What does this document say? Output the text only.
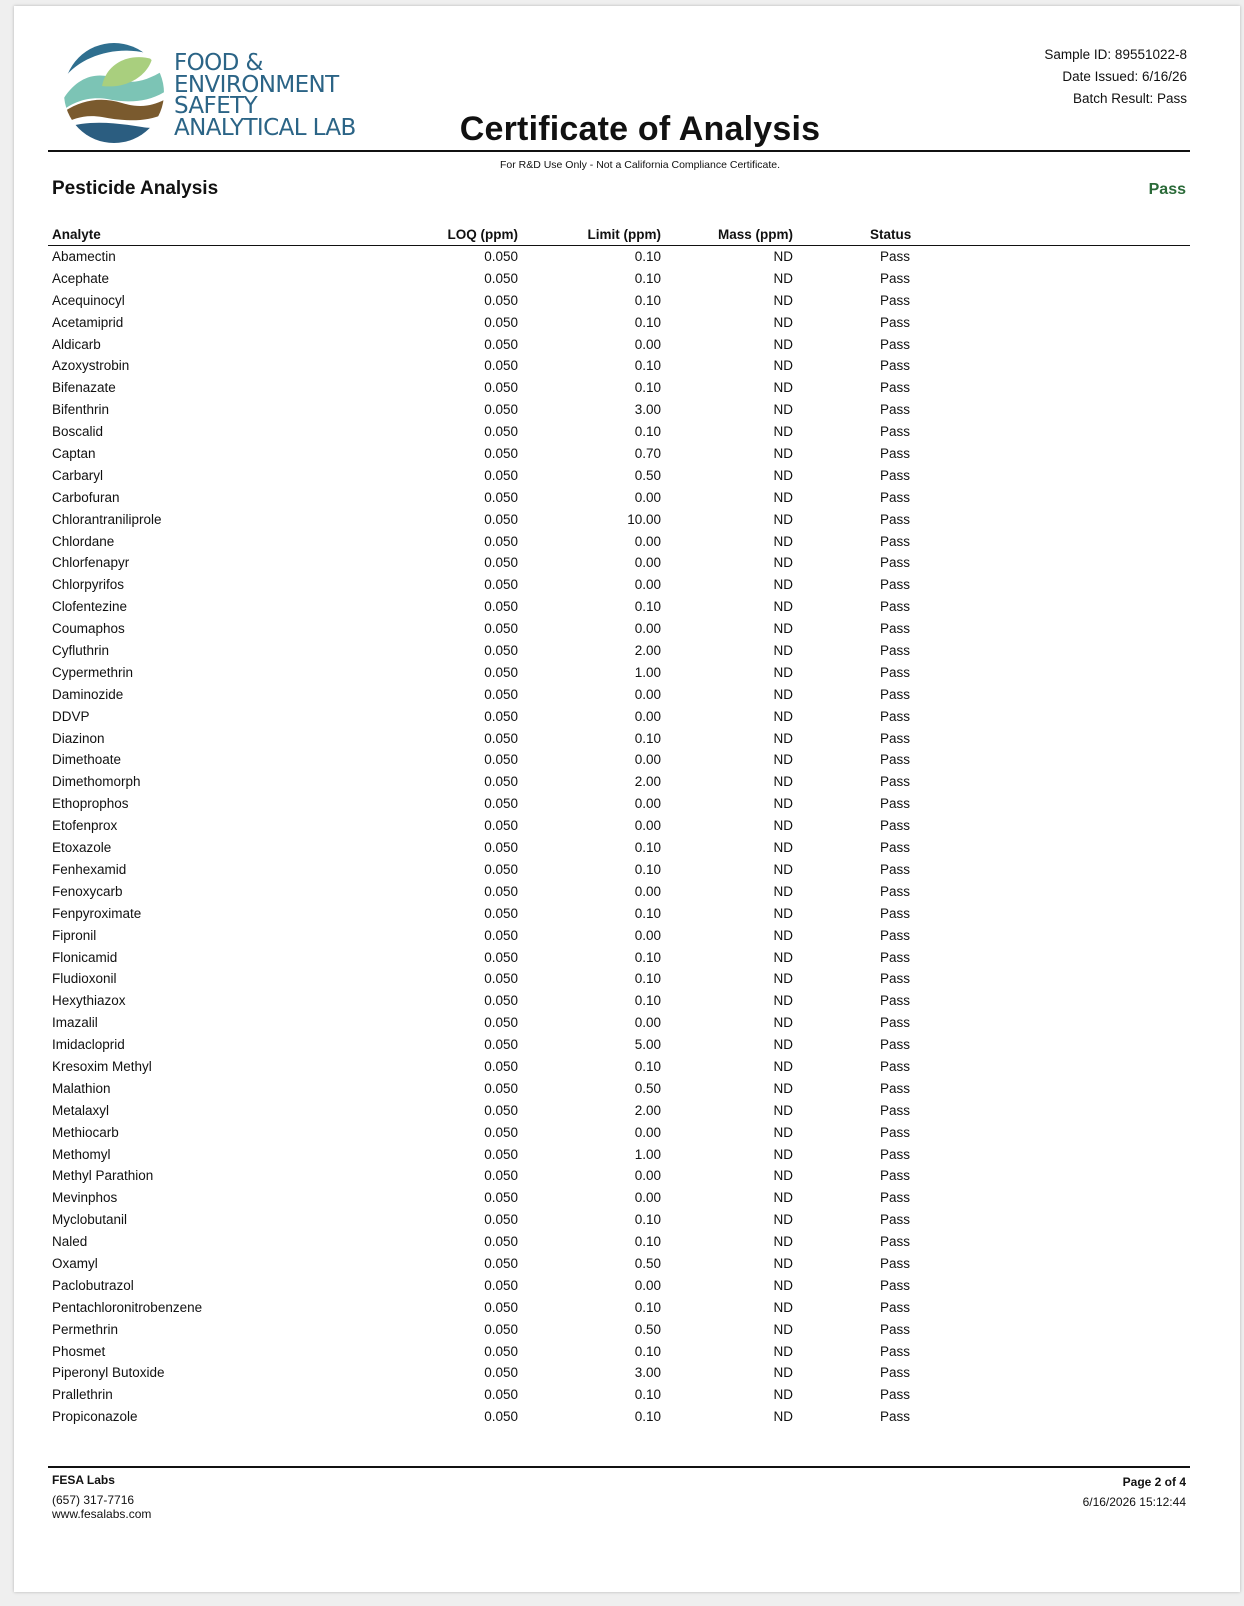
FOOD &
ENVIRONMENT
SAFETY
ANALYTICAL LAB
Sample ID: 89551022-8
Date Issued: 6/16/26
Batch Result: Pass
Certificate of Analysis
For R&D Use Only - Not a California Compliance Certificate.
Pesticide Analysis	Pass
Analyte	LOQ (ppm)	Limit (ppm)	Mass (ppm)	Status
Abamectin	0.050	0.10	ND	Pass
Acephate	0.050	0.10	ND	Pass
Acequinocyl	0.050	0.10	ND	Pass
Acetamiprid	0.050	0.10	ND	Pass
Aldicarb	0.050	0.00	ND	Pass
Azoxystrobin	0.050	0.10	ND	Pass
Bifenazate	0.050	0.10	ND	Pass
Bifenthrin	0.050	3.00	ND	Pass
Boscalid	0.050	0.10	ND	Pass
Captan	0.050	0.70	ND	Pass
Carbaryl	0.050	0.50	ND	Pass
Carbofuran	0.050	0.00	ND	Pass
Chlorantraniliprole	0.050	10.00	ND	Pass
Chlordane	0.050	0.00	ND	Pass
Chlorfenapyr	0.050	0.00	ND	Pass
Chlorpyrifos	0.050	0.00	ND	Pass
Clofentezine	0.050	0.10	ND	Pass
Coumaphos	0.050	0.00	ND	Pass
Cyfluthrin	0.050	2.00	ND	Pass
Cypermethrin	0.050	1.00	ND	Pass
Daminozide	0.050	0.00	ND	Pass
DDVP	0.050	0.00	ND	Pass
Diazinon	0.050	0.10	ND	Pass
Dimethoate	0.050	0.00	ND	Pass
Dimethomorph	0.050	2.00	ND	Pass
Ethoprophos	0.050	0.00	ND	Pass
Etofenprox	0.050	0.00	ND	Pass
Etoxazole	0.050	0.10	ND	Pass
Fenhexamid	0.050	0.10	ND	Pass
Fenoxycarb	0.050	0.00	ND	Pass
Fenpyroximate	0.050	0.10	ND	Pass
Fipronil	0.050	0.00	ND	Pass
Flonicamid	0.050	0.10	ND	Pass
Fludioxonil	0.050	0.10	ND	Pass
Hexythiazox	0.050	0.10	ND	Pass
Imazalil	0.050	0.00	ND	Pass
Imidacloprid	0.050	5.00	ND	Pass
Kresoxim Methyl	0.050	0.10	ND	Pass
Malathion	0.050	0.50	ND	Pass
Metalaxyl	0.050	2.00	ND	Pass
Methiocarb	0.050	0.00	ND	Pass
Methomyl	0.050	1.00	ND	Pass
Methyl Parathion	0.050	0.00	ND	Pass
Mevinphos	0.050	0.00	ND	Pass
Myclobutanil	0.050	0.10	ND	Pass
Naled	0.050	0.10	ND	Pass
Oxamyl	0.050	0.50	ND	Pass
Paclobutrazol	0.050	0.00	ND	Pass
Pentachloronitrobenzene	0.050	0.10	ND	Pass
Permethrin	0.050	0.50	ND	Pass
Phosmet	0.050	0.10	ND	Pass
Piperonyl Butoxide	0.050	3.00	ND	Pass
Prallethrin	0.050	0.10	ND	Pass
Propiconazole	0.050	0.10	ND	Pass
FESA Labs
(657) 317-7716
www.fesalabs.com
Page 2 of 4
6/16/2026 15:12:44
